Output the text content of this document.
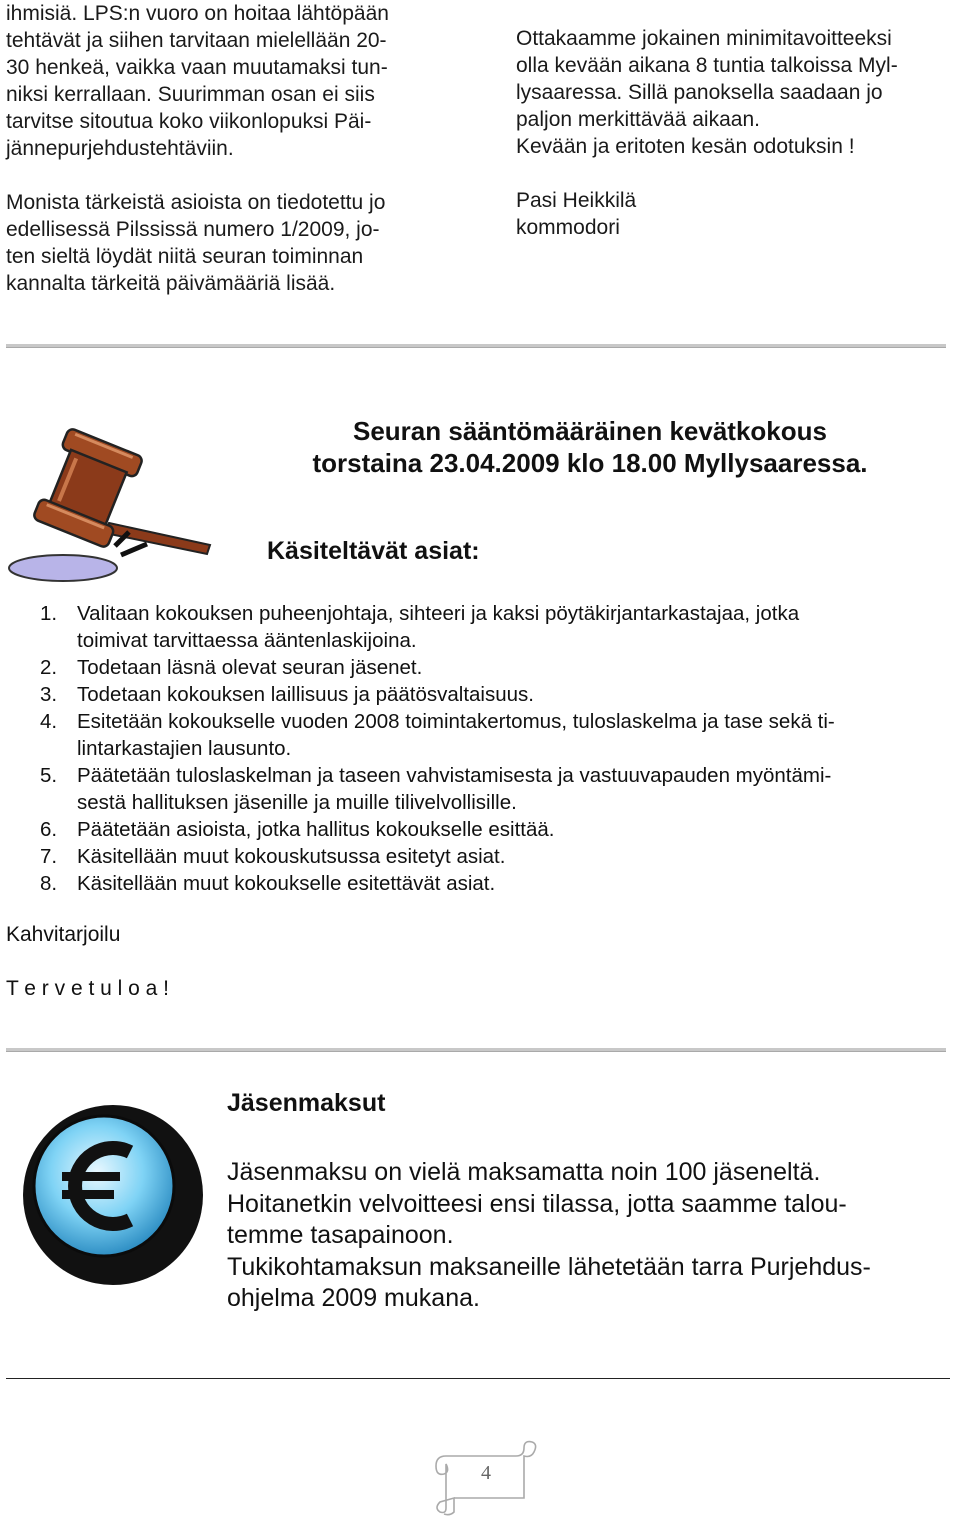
ihmisiä. LPS:n vuoro on hoitaa lähtöpään
tehtävät ja siihen tarvitaan mielellään 20-
30 henkeä, vaikka vaan muutamaksi tun-
niksi kerrallaan. Suurimman osan ei siis
tarvitse sitoutua koko viikonlopuksi Päi-
jännepurjehdustehtäviin.

Monista tärkeistä asioista on tiedotettu jo
edellisessä Pilssissä numero 1/2009, jo-
ten sieltä löydät niitä seuran toiminnan
kannalta tärkeitä päivämääriä lisää.

Ottakaamme jokainen minimitavoitteeksi
olla kevään aikana 8 tuntia talkoissa Myl-
lysaaressa. Sillä panoksella saadaan jo
paljon merkittävää aikaan.
Kevään ja eritoten kesän odotuksin !

Pasi Heikkilä
kommodori

Seuran sääntömääräinen kevätkokous
torstaina 23.04.2009 klo 18.00 Myllysaaressa.
Käsiteltävät asiat:
1. Valitaan kokouksen puheenjohtaja, sihteeri ja kaksi pöytäkirjantarkastajaa, jotka
toimivat tarvittaessa ääntenlaskijoina.
2. Todetaan läsnä olevat seuran jäsenet.
3. Todetaan kokouksen laillisuus ja päätösvaltaisuus.
4. Esitetään kokoukselle vuoden 2008 toimintakertomus, tuloslaskelma ja tase sekä ti-
lintarkastajien lausunto.
5. Päätetään tuloslaskelman ja taseen vahvistamisesta ja vastuuvapauden myöntämi-
sestä hallituksen jäsenille ja muille tilivelvollisille.
6. Päätetään asioista, jotka hallitus kokoukselle esittää.
7. Käsitellään muut kokouskutsussa esitetyt asiat.
8. Käsitellään muut kokoukselle esitettävät asiat.
Kahvitarjoilu
T e r v e t u l o a !
Jäsenmaksut

Jäsenmaksu on vielä maksamatta noin 100 jäseneltä.

Hoitanetkin velvoitteesi ensi tilassa, jotta saamme talou-

temme tasapainoon.

Tukikohtamaksun maksaneille lähetetään tarra Purjehdus-

ohjelma 2009 mukana.

4
